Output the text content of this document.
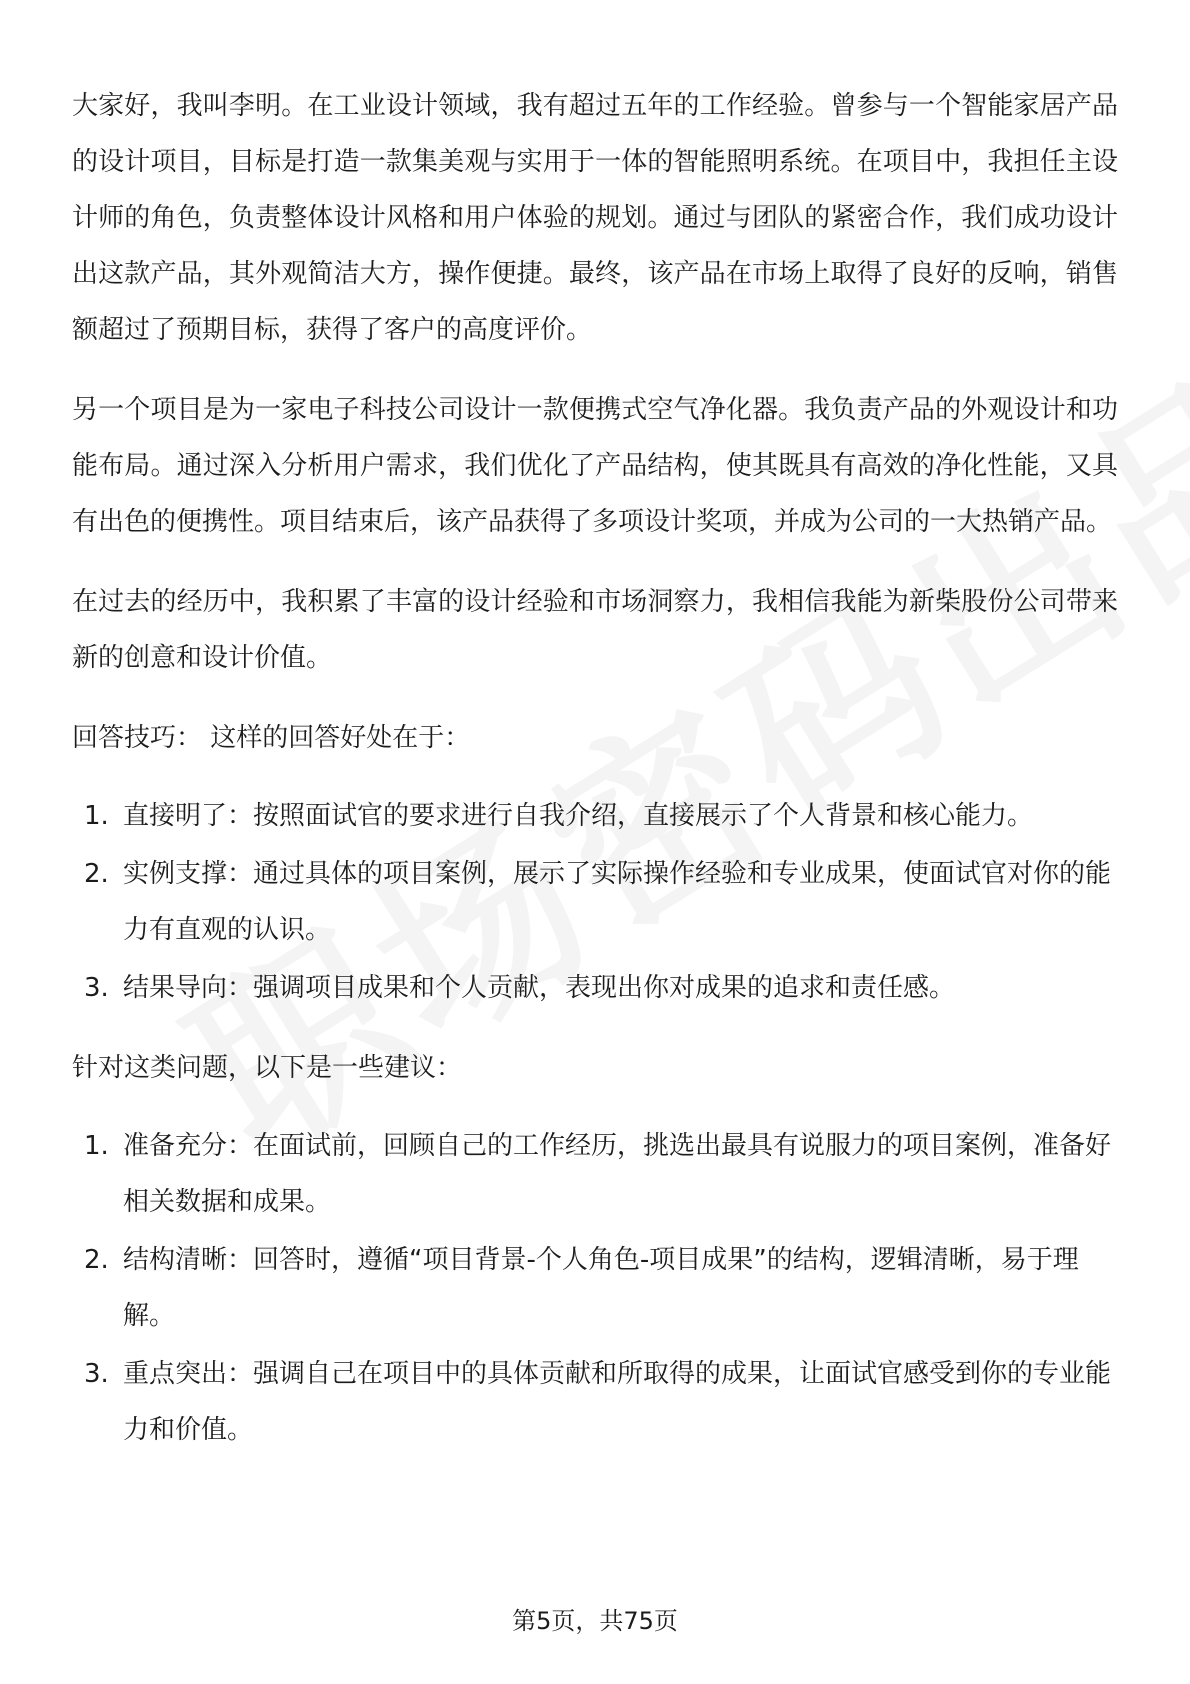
大家好，我叫李明。在工业设计领域，我有超过五年的工作经验。曾参与一个智能家居产品的设计项目，目标是打造一款集美观与实用于一体的智能照明系统。在项目中，我担任主设计师的角色，负责整体设计风格和用户体验的规划。通过与团队的紧密合作，我们成功设计出这款产品，其外观简洁大方，操作便捷。最终，该产品在市场上取得了良好的反响，销售额超过了预期目标，获得了客户的高度评价。

另一个项目是为一家电子科技公司设计一款便携式空气净化器。我负责产品的外观设计和功能布局。通过深入分析用户需求，我们优化了产品结构，使其既具有高效的净化性能，又具有出色的便携性。项目结束后，该产品获得了多项设计奖项，并成为公司的一大热销产品。

在过去的经历中，我积累了丰富的设计经验和市场洞察力，我相信我能为新柴股份公司带来新的创意和设计价值。

回答技巧： 这样的回答好处在于：

1. 直接明了：按照面试官的要求进行自我介绍，直接展示了个人背景和核心能力。
2. 实例支撑：通过具体的项目案例，展示了实际操作经验和专业成果，使面试官对你的能力有直观的认识。
3. 结果导向：强调项目成果和个人贡献，表现出你对成果的追求和责任感。

针对这类问题，以下是一些建议：

1. 准备充分：在面试前，回顾自己的工作经历，挑选出最具有说服力的项目案例，准备好相关数据和成果。
2. 结构清晰：回答时，遵循“项目背景-个人角色-项目成果”的结构，逻辑清晰，易于理解。
3. 重点突出：强调自己在项目中的具体贡献和所取得的成果，让面试官感受到你的专业能力和价值。
第5页，共75页
